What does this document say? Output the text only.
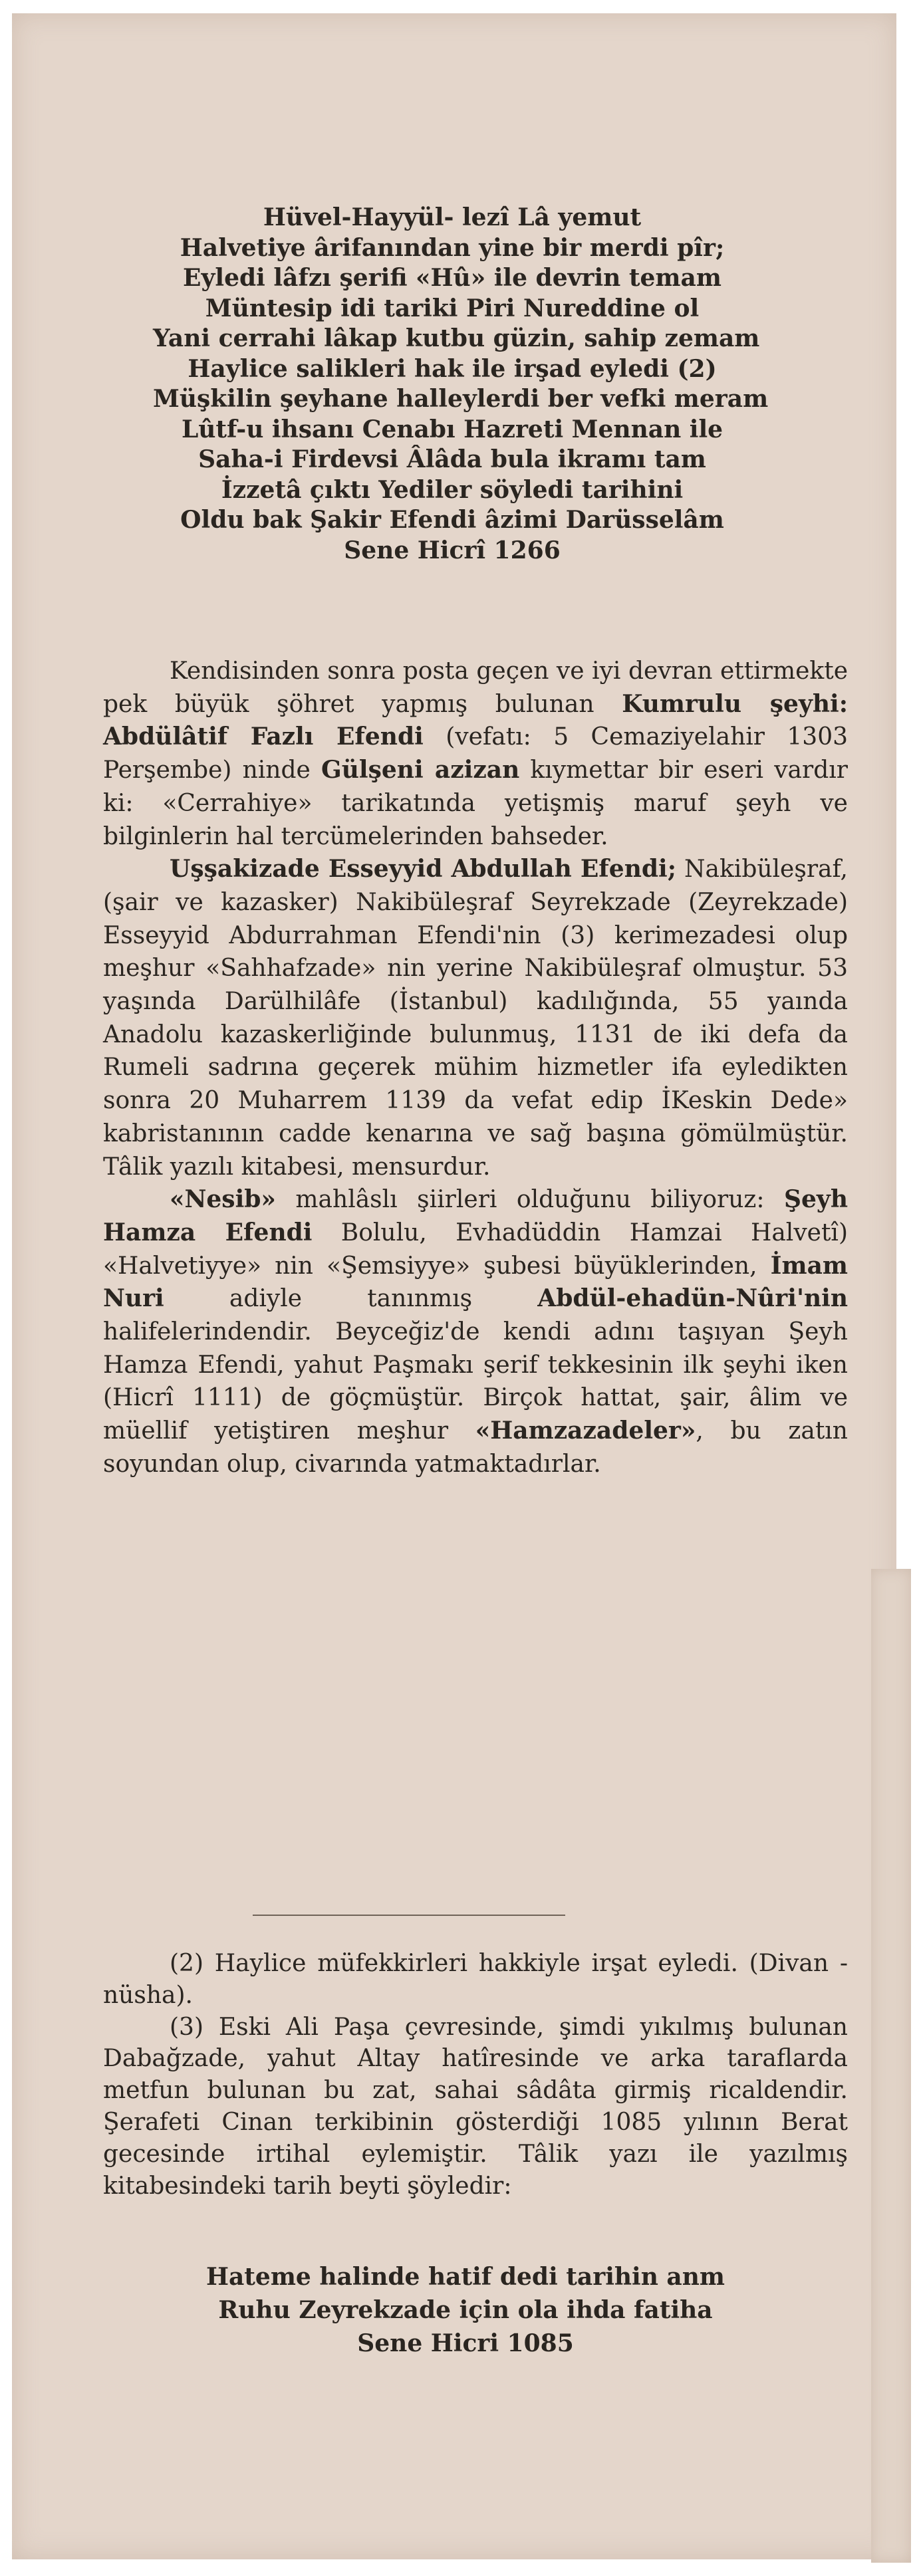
Hüvel-Hayyül- lezî Lâ yemut
Halvetiye ârifanından yine bir merdi pîr;
Eyledi lâfzı şerifi «Hû» ile devrin temam
Müntesip idi tariki Piri Nureddine ol
Yani cerrahi lâkap kutbu güzin, sahip zemam
Haylice salikleri hak ile irşad eyledi (2)
Müşkilin şeyhane halleylerdi ber vefki meram
Lûtf-u ihsanı Cenabı Hazreti Mennan ile
Saha-i Firdevsi Âlâda bula ikramı tam
İzzetâ çıktı Yediler söyledi tarihini
Oldu bak Şakir Efendi âzimi Darüsselâm
Sene Hicrî 1266

Kendisinden sonra posta geçen ve iyi devran ettirmekte pek büyük şöhret yapmış bulunan Kumrulu şeyhi: Abdülâtif Fazlı Efendi (vefatı: 5 Cemaziyelahir 1303 Perşembe) ninde Gülşeni azizan kıymettar bir eseri vardır ki: «Cerrahiye» tarikatında yetişmiş maruf şeyh ve bilginlerin hal tercümelerinden bahseder.

Uşşakizade Esseyyid Abdullah Efendi; Nakibüleşraf, (şair ve kazasker) Nakibüleşraf Seyrekzade (Zeyrekzade) Esseyyid Abdurrahman Efendi'nin (3) kerimezadesi olup meşhur «Sahhafzade» nin yerine Nakibüleşraf olmuştur. 53 yaşında Darülhilâfe (İstanbul) kadılığında, 55 yaında Anadolu kazaskerliğinde bulunmuş, 1131 de iki defa da Rumeli sadrına geçerek mühim hizmetler ifa eyledikten sonra 20 Muharrem 1139 da vefat edip İKeskin Dede» kabristanının cadde kenarına ve sağ başına gömülmüştür. Tâlik yazılı kitabesi, mensurdur.

«Nesib» mahlâslı şiirleri olduğunu biliyoruz: Şeyh Hamza Efendi Bolulu, Evhadüddin Hamzai Halvetî) «Halvetiyye» nin «Şemsiyye» şubesi büyüklerinden, İmam Nuri adiyle tanınmış Abdül-ehadün-Nûri'nin halifelerindendir. Beyceğiz'de kendi adını taşıyan Şeyh Hamza Efendi, yahut Paşmakı şerif tekkesinin ilk şeyhi iken (Hicrî 1111) de göçmüştür. Birçok hattat, şair, âlim ve müellif yetiştiren meşhur «Hamzazadeler», bu zatın soyundan olup, civarında yatmaktadırlar.

(2) Haylice müfekkirleri hakkiyle irşat eyledi. (Divan - nüsha).

(3) Eski Ali Paşa çevresinde, şimdi yıkılmış bulunan Dabağzade, yahut Altay hatîresinde ve arka taraflarda metfun bulunan bu zat, sahai sâdâta girmiş ricaldendir. Şerafeti Cinan terkibinin gösterdiği 1085 yılının Berat gecesinde irtihal eylemiştir. Tâlik yazı ile yazılmış kitabesindeki tarih beyti şöyledir:

Hateme halinde hatif dedi tarihin anm
Ruhu Zeyrekzade için ola ihda fatiha
Sene Hicri 1085
